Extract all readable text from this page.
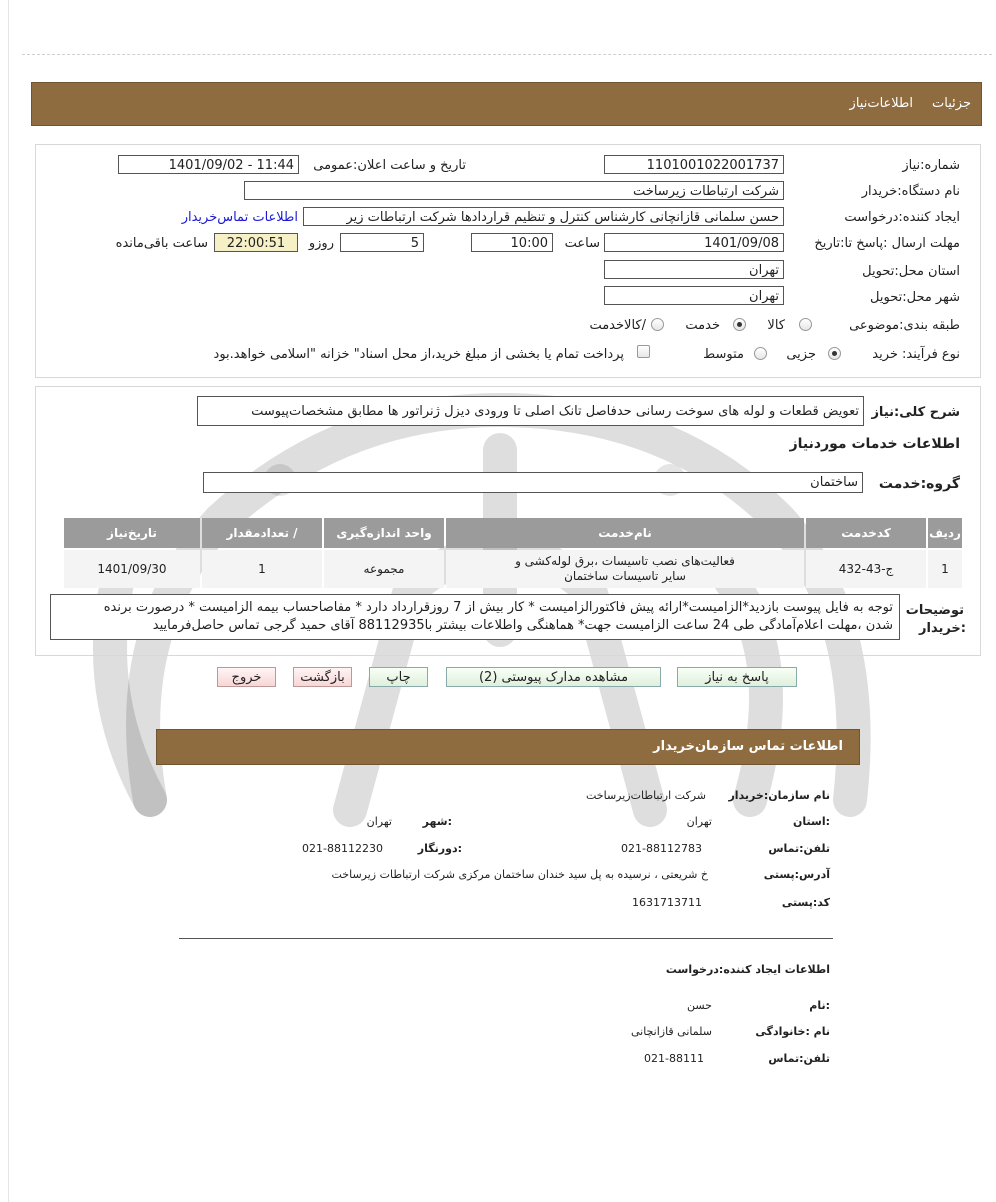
جزئیات
اطلاعات‌نیاز
شماره:نیاز
1101001022001737
تاریخ و ساعت اعلان:عمومی
1401/09/02 - 11:44
نام دستگاه:خریدار
شرکت ارتباطات زیرساخت
ایجاد کننده:درخواست
حسن سلمانی قازانچانی کارشناس کنترل و تنظیم قراردادها شرکت ارتباطات زیر
اطلاعات تماس‌خریدار
مهلت ارسال :پاسخ تا:تاریخ
1401/09/08
ساعت
10:00
5
روزو
22:00:51
ساعت باقی‌مانده
استان محل:تحویل
تهران
شهر محل:تحویل
تهران
طبقه بندی:موضوعی
کالا
خدمت
/کالاخدمت
نوع فرآیند: خرید
جزیی
متوسط
پرداخت تمام یا بخشی از مبلغ خرید،از محل اسناد" خزانه "اسلامی خواهد.بود
شرح کلی:نیاز
تعویض قطعات و لوله های سوخت رسانی حدفاصل تانک اصلی تا ورودی دیزل ژنراتور ها مطابق مشخصات‌پیوست
اطلاعات خدمات موردنیاز
گروه:خدمت
ساختمان
ردیف	کدخدمت	نام‌خدمت	واحد اندازه‌گیری	/ تعدادمقدار	تاریخ‌نیاز
1	ج-43-432	فعالیت‌های نصب تاسیسات ،برق لوله‌کشی و
سایر تاسیسات ساختمان	مجموعه	1	1401/09/30
توضیحات
:خریدار
توجه به فایل پیوست بازدید*الزامیست*ارائه پیش فاکتورالزامیست * کار بیش از 7 روزقرارداد دارد * مفاصاحساب بیمه الزامیست * درصورت برنده
شدن ،مهلت اعلام‌آمادگی طی 24 ساعت الزامیست جهت* هماهنگی واطلاعات بیشتر با88112935 آقای حمید گرجی تماس حاصل‌فرمایید
پاسخ به نیاز
مشاهده مدارک پیوستی (2)
چاپ
بازگشت
خروج
اطلاعات تماس سازمان‌خریدار
نام سازمان:خریدار
شرکت ارتباطات‌زیرساخت
:استان
تهران
:شهر
تهران
تلفن:تماس
021-88112783
:دورنگار
021-88112230
آدرس:پستی
خ شریعتی ، نرسیده به پل سید خندان ساختمان مرکزی شرکت ارتباطات زیرساخت
کد:پستی
1631713711
اطلاعات ایجاد کننده:درخواست
:نام
حسن
نام :خانوادگی
سلمانی قازانچانی
تلفن:تماس
021-88111
